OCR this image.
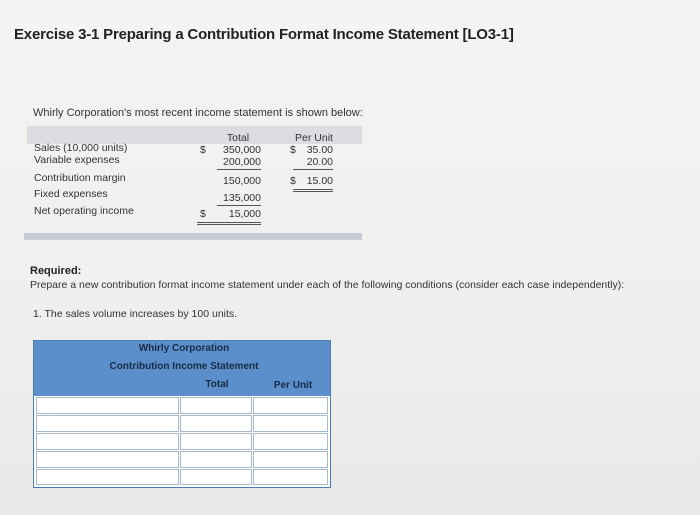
Exercise 3-1 Preparing a Contribution Format Income Statement [LO3-1]
Whirly Corporation's most recent income statement is shown below:
Total	Per Unit
Sales (10,000 units)	$	350,000	$	35.00
Variable expenses	200,000	20.00
Contribution margin	150,000	$	15.00
Fixed expenses	135,000
Net operating income	$	15,000
Required:
Prepare a new contribution format income statement under each of the following conditions (consider each case independently):
1. The sales volume increases by 100 units.
Whirly Corporation
Contribution Income Statement
Total	Per Unit
